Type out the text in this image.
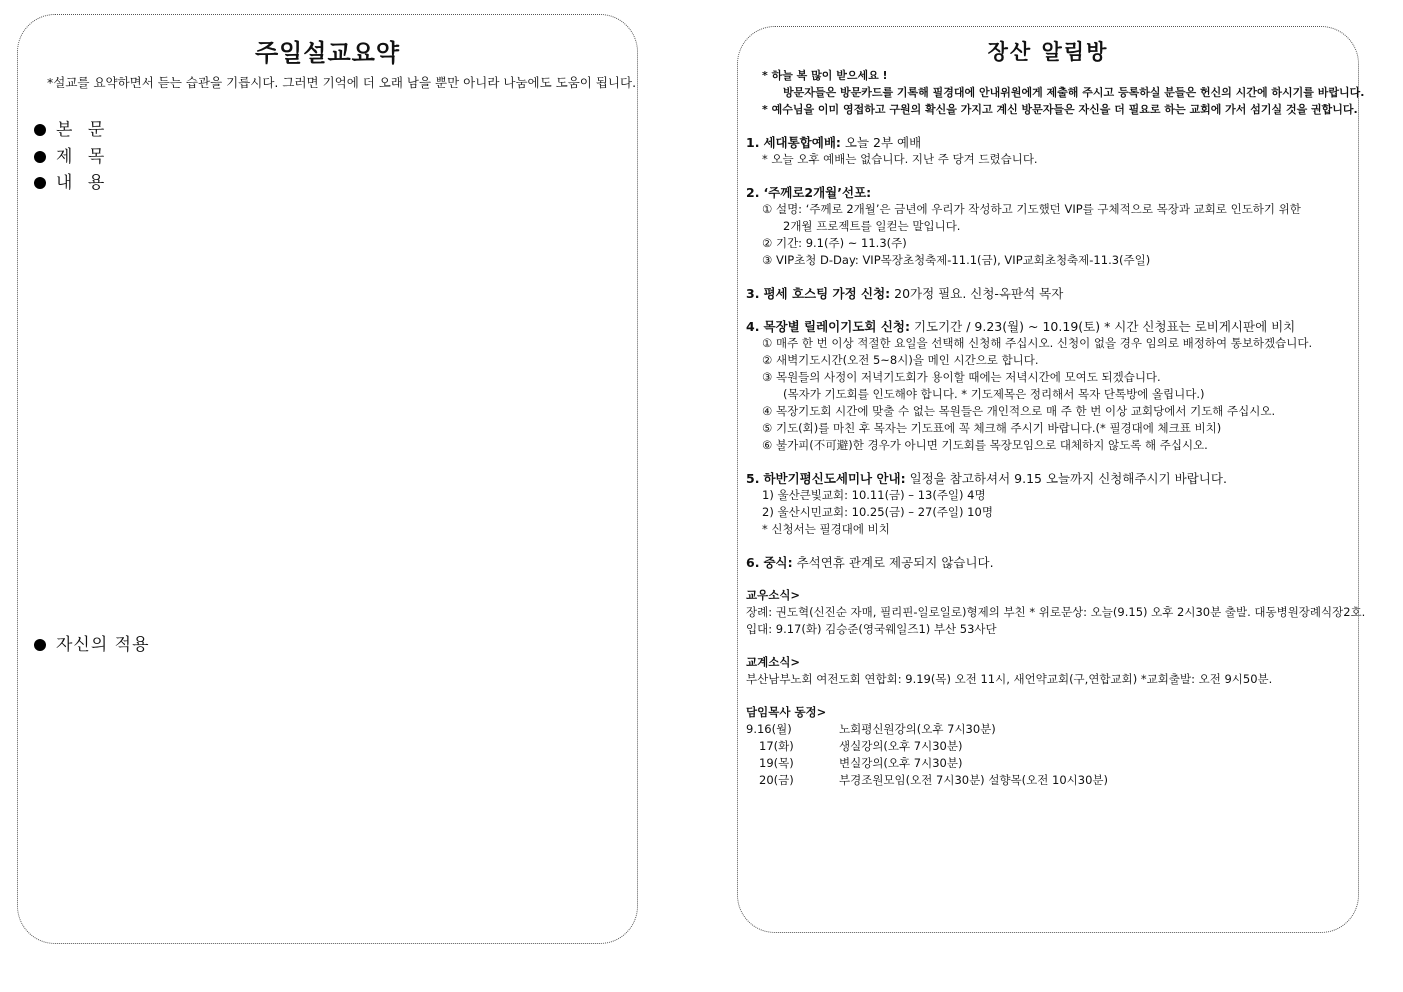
주일설교요약
*설교를 요약하면서 듣는 습관을 기릅시다. 그러면 기억에 더 오래 남을 뿐만 아니라 나눔에도 도움이 됩니다.
본 문
제 목
내 용
자신의 적용
장산 알림방
* 하늘 복 많이 받으세요 !
방문자들은 방문카드를 기록해 필경대에 안내위원에게 제출해 주시고 등록하실 분들은 헌신의 시간에 하시기를 바랍니다.
* 예수님을 이미 영접하고 구원의 확신을 가지고 계신 방문자들은 자신을 더 필요로 하는 교회에 가서 섬기실 것을 권합니다.
1. 세대통합예배: 오늘 2부 예배
* 오늘 오후 예배는 없습니다. 지난 주 당겨 드렸습니다.
2. ‘주께로2개월’선포:
① 설명: ‘주께로 2개월’은 금년에 우리가 작성하고 기도했던 VIP를 구체적으로 목장과 교회로 인도하기 위한
2개월 프로젝트를 일컫는 말입니다.
② 기간: 9.1(주) ~ 11.3(주)
③ VIP초청 D-Day: VIP목장초청축제-11.1(금), VIP교회초청축제-11.3(주일)
3. 평세 호스팅 가정 신청: 20가정 필요. 신청-옥판석 목자
4. 목장별 릴레이기도회 신청: 기도기간 / 9.23(월) ~ 10.19(토) * 시간 신청표는 로비게시판에 비치
① 매주 한 번 이상 적절한 요일을 선택해 신청해 주십시오. 신청이 없을 경우 임의로 배정하여 통보하겠습니다.
② 새벽기도시간(오전 5~8시)을 메인 시간으로 합니다.
③ 목원들의 사정이 저녁기도회가 용이할 때에는 저녁시간에 모여도 되겠습니다.
(목자가 기도회를 인도해야 합니다. * 기도제목은 정리해서 목자 단톡방에 올립니다.)
④ 목장기도회 시간에 맞출 수 없는 목원들은 개인적으로 매 주 한 번 이상 교회당에서 기도해 주십시오.
⑤ 기도(회)를 마친 후 목자는 기도표에 꼭 체크해 주시기 바랍니다.(* 필경대에 체크표 비치)
⑥ 불가피(不可避)한 경우가 아니면 기도회를 목장모임으로 대체하지 않도록 해 주십시오.
5. 하반기평신도세미나 안내: 일정을 참고하셔서 9.15 오늘까지 신청해주시기 바랍니다.
1) 울산큰빛교회: 10.11(금) – 13(주일) 4명
2) 울산시민교회: 10.25(금) – 27(주일) 10명
* 신청서는 필경대에 비치
6. 중식: 추석연휴 관계로 제공되지 않습니다.
교우소식>
장례: 권도혁(신진순 자매, 필리핀-일로일로)형제의 부친 * 위로문상: 오늘(9.15) 오후 2시30분 출발. 대동병원장례식장2호.
입대: 9.17(화) 김승준(영국웨일즈1) 부산 53사단
교계소식>
부산남부노회 여전도회 연합회: 9.19(목) 오전 11시, 새언약교회(구,연합교회) *교회출발: 오전 9시50분.
담임목사 동정>
9.16(월)	노회평신원강의(오후 7시30분)
17(화)	생실강의(오후 7시30분)
19(목)	변실강의(오후 7시30분)
20(금)	부경조원모임(오전 7시30분) 설향목(오전 10시30분)
